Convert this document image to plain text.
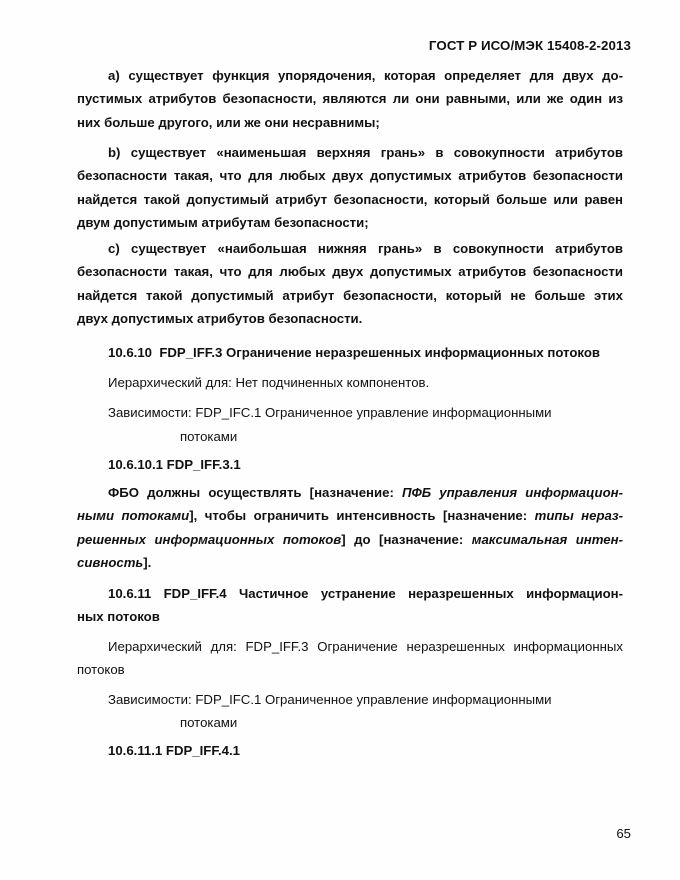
ГОСТ Р ИСО/МЭК 15408-2-2013
а) существует функция упорядочения, которая определяет для двух до-
пустимых атрибутов безопасности, являются ли они равными, или же один из
них больше другого, или же они несравнимы;
b) существует «наименьшая верхняя грань» в совокупности атрибутов
безопасности такая, что для любых двух допустимых атрибутов безопасности
найдется такой допустимый атрибут безопасности, который больше или равен
двум допустимым атрибутам безопасности;
с) существует «наибольшая нижняя грань» в совокупности атрибутов
безопасности такая, что для любых двух допустимых атрибутов безопасности
найдется такой допустимый атрибут безопасности, который не больше этих
двух допустимых атрибутов безопасности.
10.6.10 FDP_IFF.3 Ограничение неразрешенных информационных потоков
Иерархический для: Нет подчиненных компонентов.
Зависимости: FDP_IFC.1 Ограниченное управление информационными
потоками
10.6.10.1 FDP_IFF.3.1
ФБО должны осуществлять [назначение: ПФБ управления информацион-
ными потоками], чтобы ограничить интенсивность [назначение: типы нераз-
решенных информационных потоков] до [назначение: максимальная интен-
сивность].
10.6.11 FDP_IFF.4 Частичное устранение неразрешенных информацион-
ных потоков
Иерархический для: FDP_IFF.3 Ограничение неразрешенных информационных
потоков
Зависимости: FDP_IFC.1 Ограниченное управление информационными
потоками
10.6.11.1 FDP_IFF.4.1
65
